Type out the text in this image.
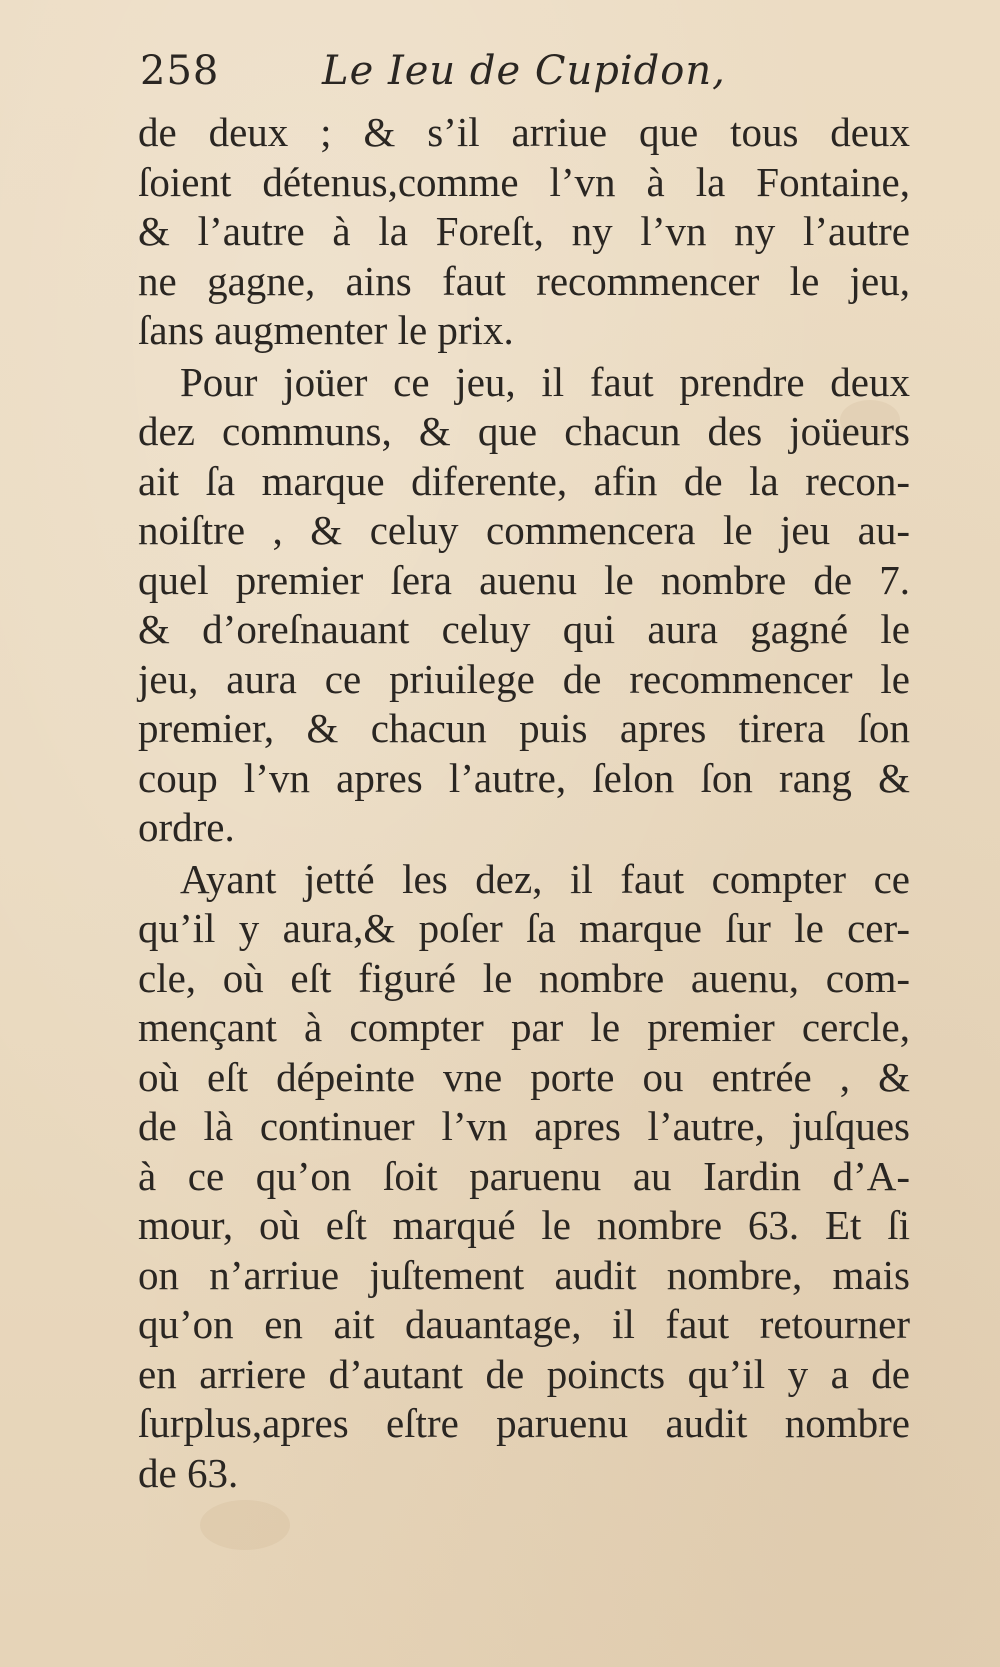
258	Le Ieu de Cupidon,
de deux ; & s’il arriue que tous deux
ſoient détenus,comme l’vn à la Fontaine,
& l’autre à la Foreſt, ny l’vn ny l’autre
ne gagne, ains faut recommencer le jeu,
ſans augmenter le prix.
Pour joüer ce jeu, il faut prendre deux
dez communs, & que chacun des joüeurs
ait ſa marque diferente, afin de la recon-
noiſtre , & celuy commencera le jeu au-
quel premier ſera auenu le nombre de 7.
& d’oreſnauant celuy qui aura gagné le
jeu, aura ce priuilege de recommencer le
premier, & chacun puis apres tirera ſon
coup l’vn apres l’autre, ſelon ſon rang &
ordre.
Ayant jetté les dez, il faut compter ce
qu’il y aura,& poſer ſa marque ſur le cer-
cle, où eſt figuré le nombre auenu, com-
mençant à compter par le premier cercle,
où eſt dépeinte vne porte ou entrée , &
de là continuer l’vn apres l’autre, juſques
à ce qu’on ſoit paruenu au Iardin d’A-
mour, où eſt marqué le nombre 63. Et ſi
on n’arriue juſtement audit nombre, mais
qu’on en ait dauantage, il faut retourner
en arriere d’autant de poincts qu’il y a de
ſurplus,apres eſtre paruenu audit nombre
de 63.
